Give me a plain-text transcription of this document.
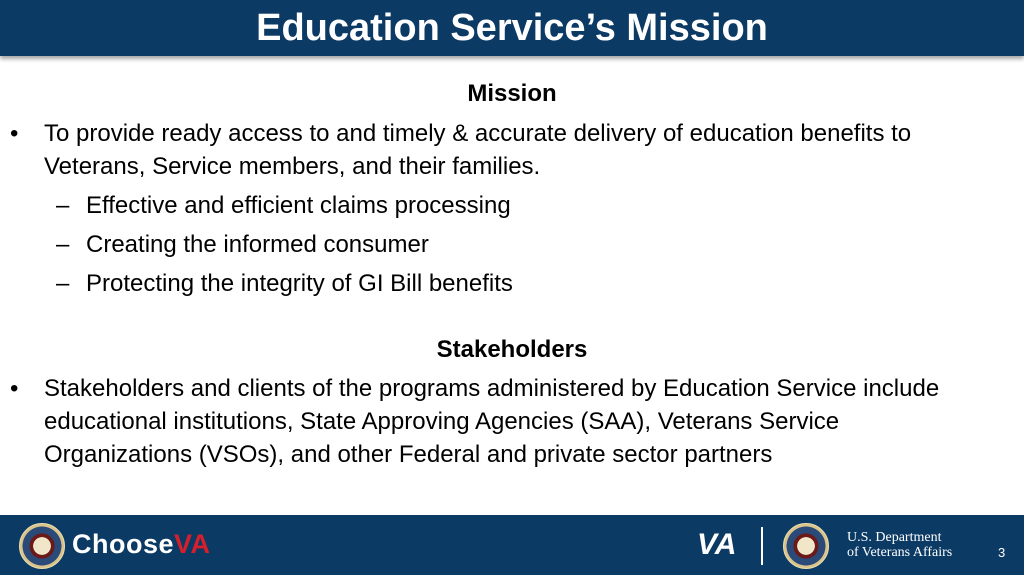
Education Service’s Mission
Mission
• To provide ready access to and timely & accurate delivery of education benefits to
Veterans, Service members, and their families.
– Effective and efficient claims processing
– Creating the informed consumer
– Protecting the integrity of GI Bill benefits
Stakeholders
• Stakeholders and clients of the programs administered by Education Service include
educational institutions, State Approving Agencies (SAA), Veterans Service
Organizations (VSOs), and other Federal and private sector partners
ChooseVA	VA	U.S. Department
of Veterans Affairs	3
